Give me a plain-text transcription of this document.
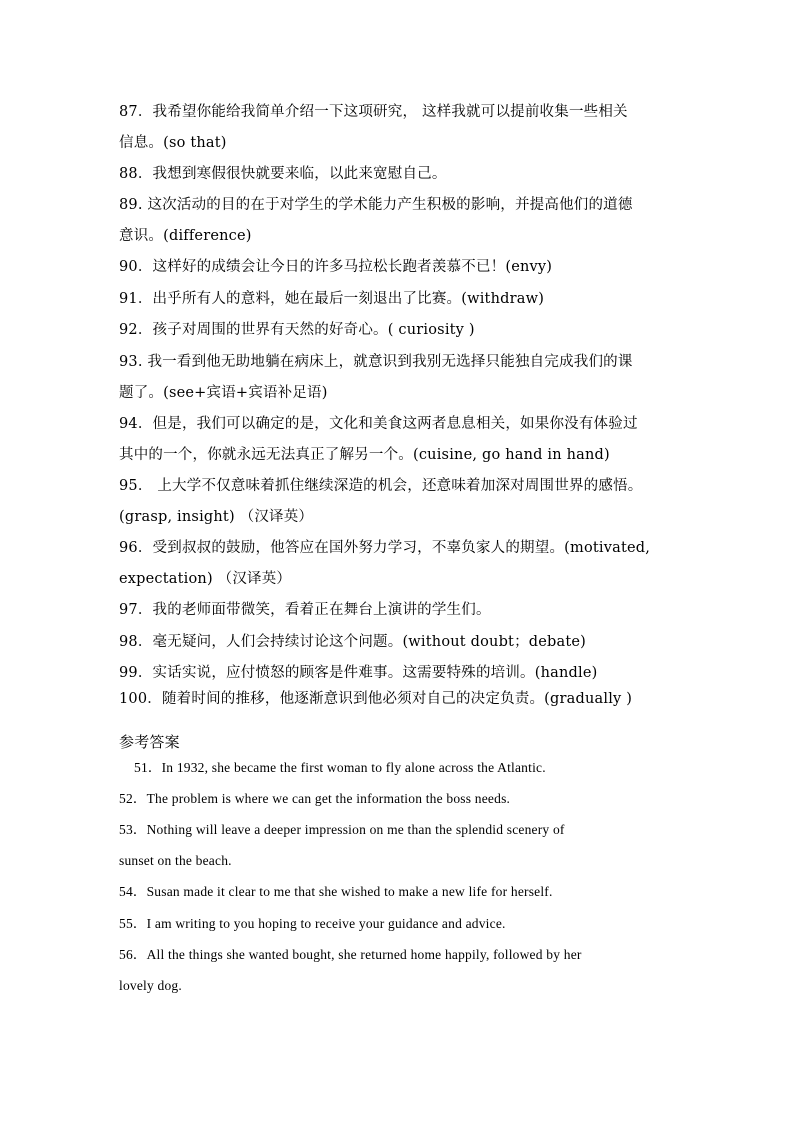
87．我希望你能给我简单介绍一下这项研究， 这样我就可以提前收集一些相关
信息。(so that)
88．我想到寒假很快就要来临，以此来宽慰自己。
89. 这次活动的目的在于对学生的学术能力产生积极的影响，并提高他们的道德
意识。(difference)
90．这样好的成绩会让今日的许多马拉松长跑者羡慕不已！(envy)
91．出乎所有人的意料，她在最后一刻退出了比赛。(withdraw)
92．孩子对周围的世界有天然的好奇心。( curiosity )
93. 我一看到他无助地躺在病床上，就意识到我别无选择只能独自完成我们的课
题了。(see+宾语+宾语补足语)
94．但是，我们可以确定的是，文化和美食这两者息息相关，如果你没有体验过
其中的一个，你就永远无法真正了解另一个。(cuisine, go hand in hand)
95． 上大学不仅意味着抓住继续深造的机会，还意味着加深对周围世界的感悟。
(grasp, insight) （汉译英）
96．受到叔叔的鼓励，他答应在国外努力学习，不辜负家人的期望。(motivated,
expectation) （汉译英）
97．我的老师面带微笑，看着正在舞台上演讲的学生们。
98．毫无疑问，人们会持续讨论这个问题。(without doubt；debate)
99．实话实说，应付愤怒的顾客是件难事。这需要特殊的培训。(handle)
100．随着时间的推移，他逐渐意识到他必须对自己的决定负责。(gradually )
参考答案
51．In 1932, she became the first woman to fly alone across the Atlantic.
52．The problem is where we can get the information the boss needs.
53．Nothing will leave a deeper impression on me than the splendid scenery of
sunset on the beach.
54．Susan made it clear to me that she wished to make a new life for herself.
55．I am writing to you hoping to receive your guidance and advice.
56．All the things she wanted bought, she returned home happily, followed by her
lovely dog.
